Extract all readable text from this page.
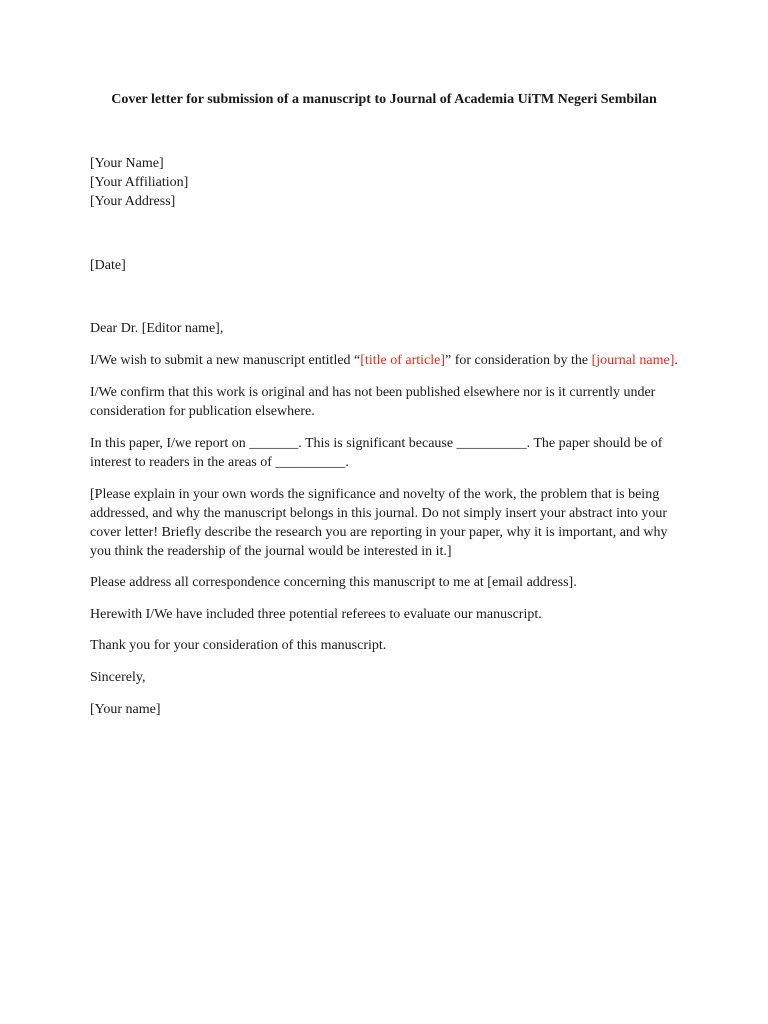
Cover letter for submission of a manuscript to Journal of Academia UiTM Negeri Sembilan
[Your Name]
[Your Affiliation]
[Your Address]
[Date]
Dear Dr. [Editor name],
I/We wish to submit a new manuscript entitled “[title of article]” for consideration by the [journal name].
I/We confirm that this work is original and has not been published elsewhere nor is it currently under
consideration for publication elsewhere.
In this paper, I/we report on _______. This is significant because __________. The paper should be of
interest to readers in the areas of __________.
[Please explain in your own words the significance and novelty of the work, the problem that is being
addressed, and why the manuscript belongs in this journal. Do not simply insert your abstract into your
cover letter! Briefly describe the research you are reporting in your paper, why it is important, and why
you think the readership of the journal would be interested in it.]
Please address all correspondence concerning this manuscript to me at [email address].
Herewith I/We have included three potential referees to evaluate our manuscript.
Thank you for your consideration of this manuscript.
Sincerely,
[Your name]
